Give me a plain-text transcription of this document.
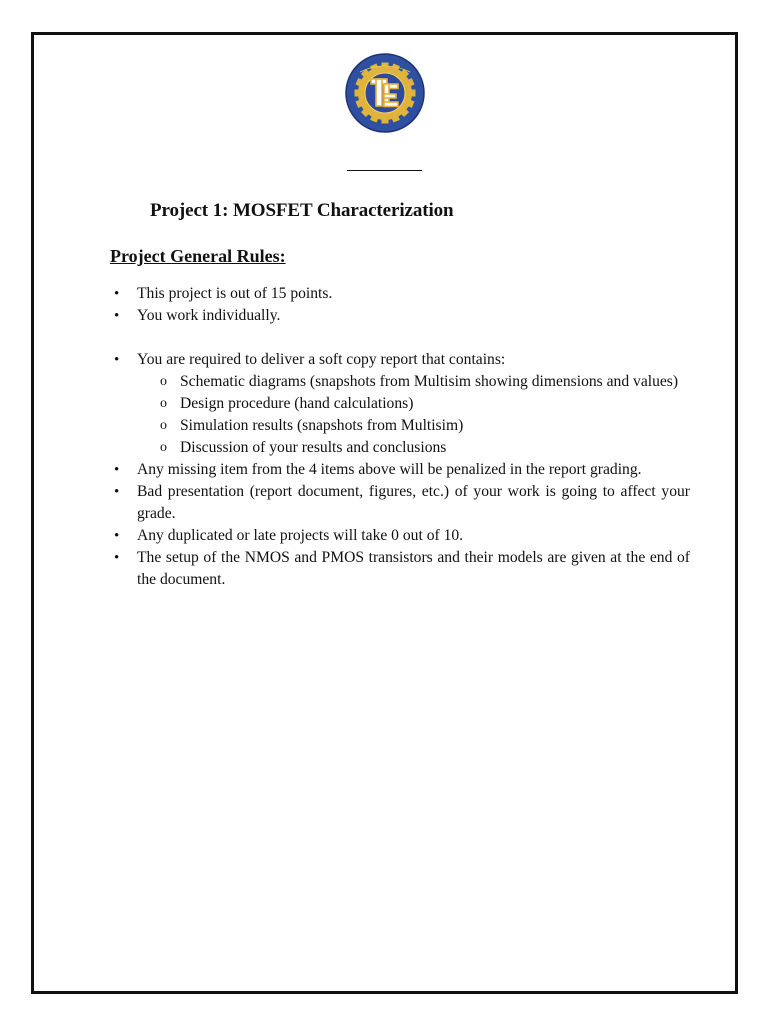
Project 1: MOSFET Characterization
Project General Rules:
• This project is out of 15 points.
• You work individually.
• You are required to deliver a soft copy report that contains:
o Schematic diagrams (snapshots from Multisim showing dimensions and values)
o Design procedure (hand calculations)
o Simulation results (snapshots from Multisim)
o Discussion of your results and conclusions
• Any missing item from the 4 items above will be penalized in the report grading.
• Bad presentation (report document, figures, etc.) of your work is going to affect your grade.
• Any duplicated or late projects will take 0 out of 10.
• The setup of the NMOS and PMOS transistors and their models are given at the end of the document.
